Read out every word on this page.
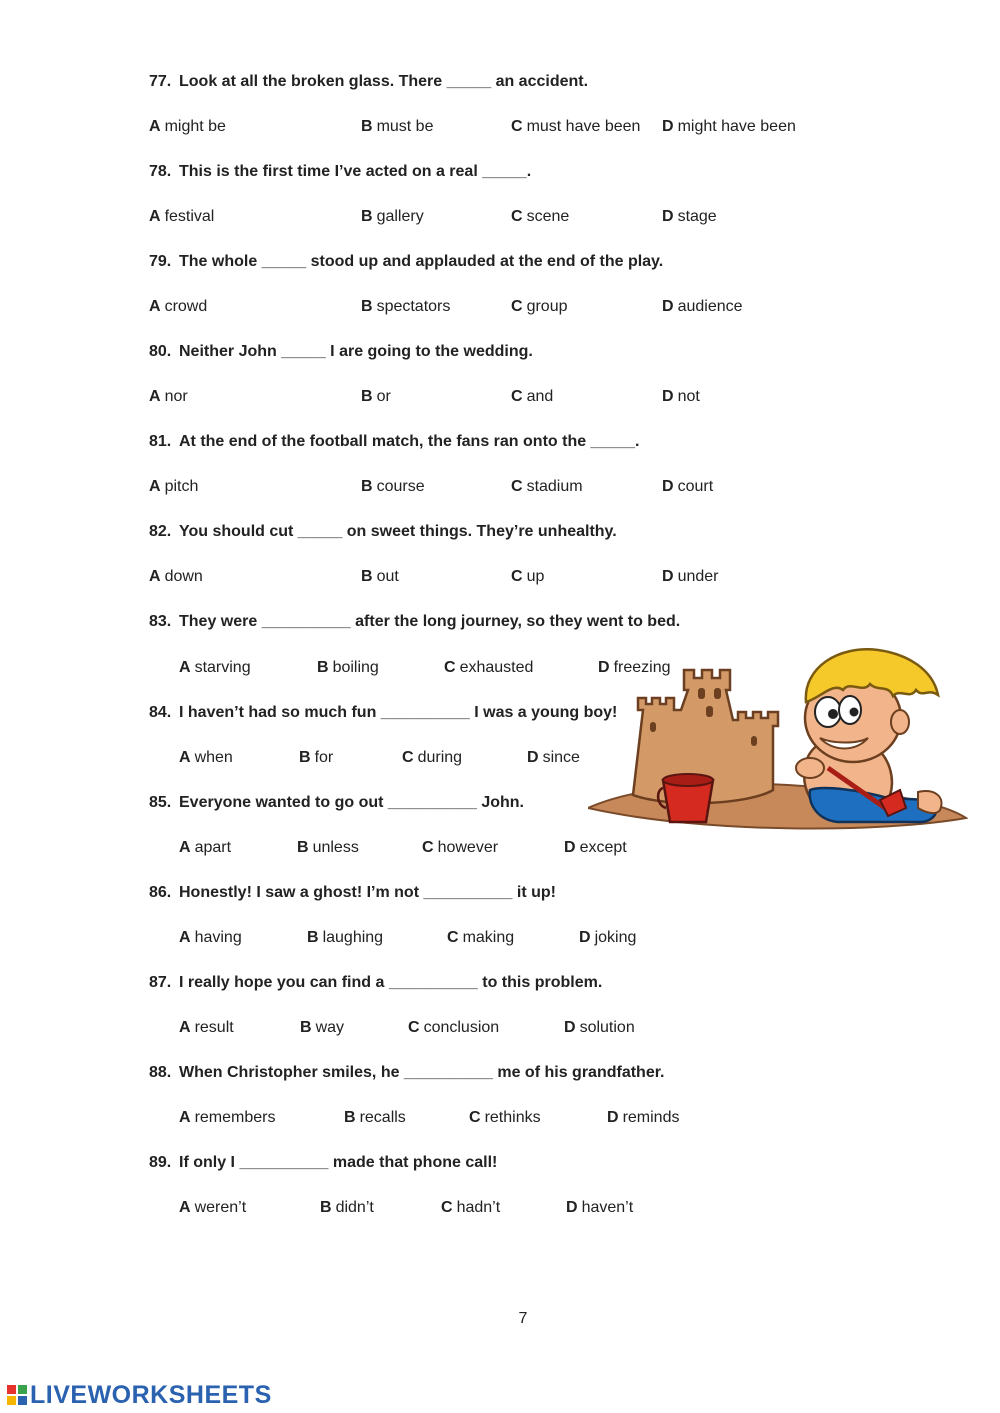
77. Look at all the broken glass. There _____ an accident.
A might be	B must be	C must have been D might have been
78. This is the first time I’ve acted on a real _____.
A festival	B gallery	C scene	D stage
79. The whole _____ stood up and applauded at the end of the play.
A crowd	B spectators	C group	D audience
80. Neither John _____ I are going to the wedding.
A nor	B or	C and	D not
81. At the end of the football match, the fans ran onto the _____.
A pitch	B course	C stadium	D court
82. You should cut _____ on sweet things. They’re unhealthy.
A down	B out	C up	D under
83. They were __________ after the long journey, so they went to bed.
A starving	B boiling	C exhausted	D freezing
84. I haven’t had so much fun __________ I was a young boy!
A when	B for	C during	D since
85. Everyone wanted to go out __________ John.
A apart	B unless	C however	D except
86. Honestly! I saw a ghost! I’m not __________ it up!
A having	B laughing	C making	D joking
87. I really hope you can find a __________ to this problem.
A result	B way	C conclusion	D solution
88. When Christopher smiles, he __________ me of his grandfather.
A remembers	B recalls	C rethinks	D reminds
89. If only I __________ made that phone call!
A weren’t	B didn’t	C hadn’t	D haven’t
7
LIVEWORKSHEETS
